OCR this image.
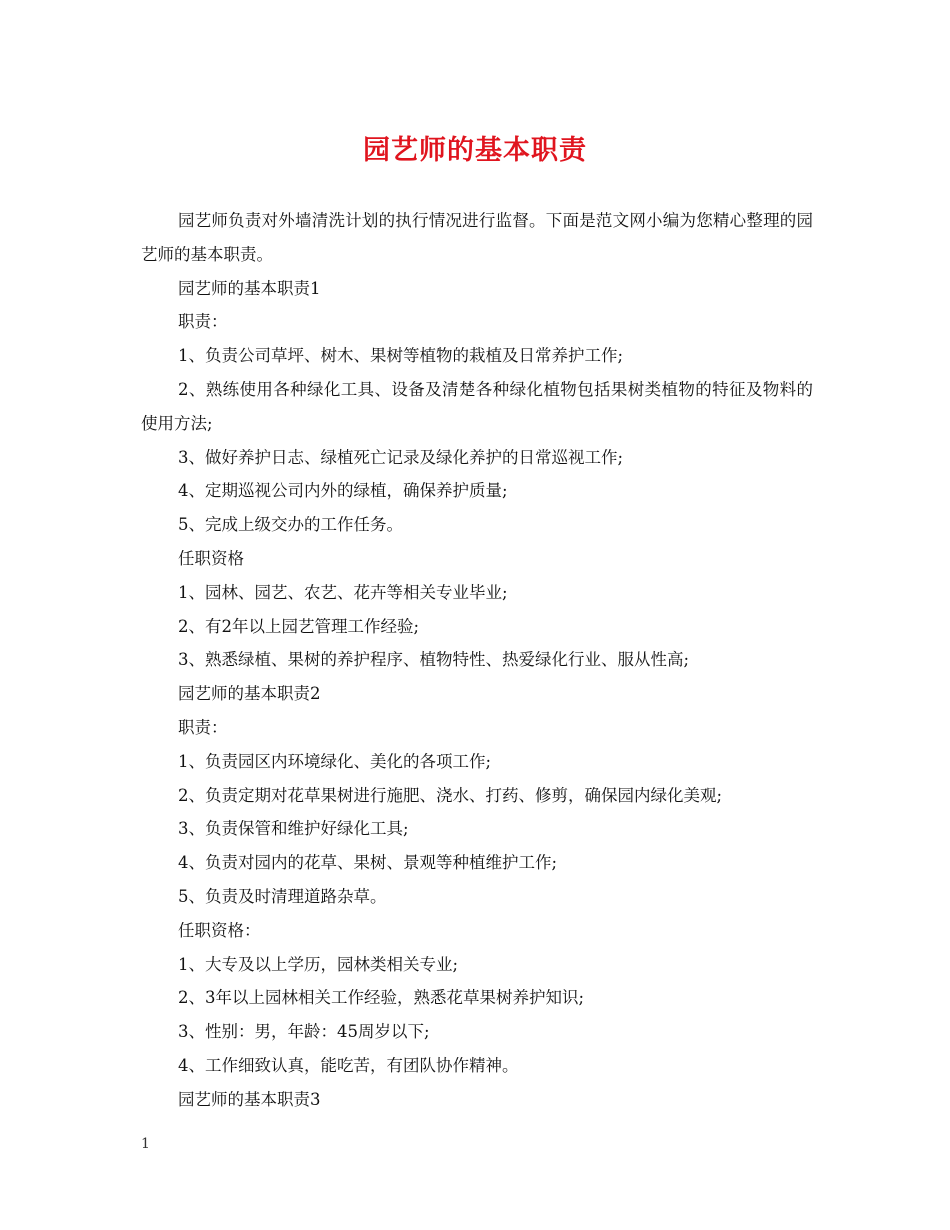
园艺师的基本职责

园艺师负责对外墙清洗计划的执行情况进行监督。下面是范文网小编为您精心整理的园艺师的基本职责。

园艺师的基本职责1

职责：

1、负责公司草坪、树木、果树等植物的栽植及日常养护工作;

2、熟练使用各种绿化工具、设备及清楚各种绿化植物包括果树类植物的特征及物料的使用方法;

3、做好养护日志、绿植死亡记录及绿化养护的日常巡视工作;

4、定期巡视公司内外的绿植，确保养护质量;

5、完成上级交办的工作任务。

任职资格

1、园林、园艺、农艺、花卉等相关专业毕业;

2、有2年以上园艺管理工作经验;

3、熟悉绿植、果树的养护程序、植物特性、热爱绿化行业、服从性高;

园艺师的基本职责2

职责：

1、负责园区内环境绿化、美化的各项工作;

2、负责定期对花草果树进行施肥、浇水、打药、修剪，确保园内绿化美观;

3、负责保管和维护好绿化工具;

4、负责对园内的花草、果树、景观等种植维护工作;

5、负责及时清理道路杂草。

任职资格：

1、大专及以上学历，园林类相关专业;

2、3年以上园林相关工作经验，熟悉花草果树养护知识;

3、性别：男，年龄：45周岁以下;

4、工作细致认真，能吃苦，有团队协作精神。

园艺师的基本职责3

1
